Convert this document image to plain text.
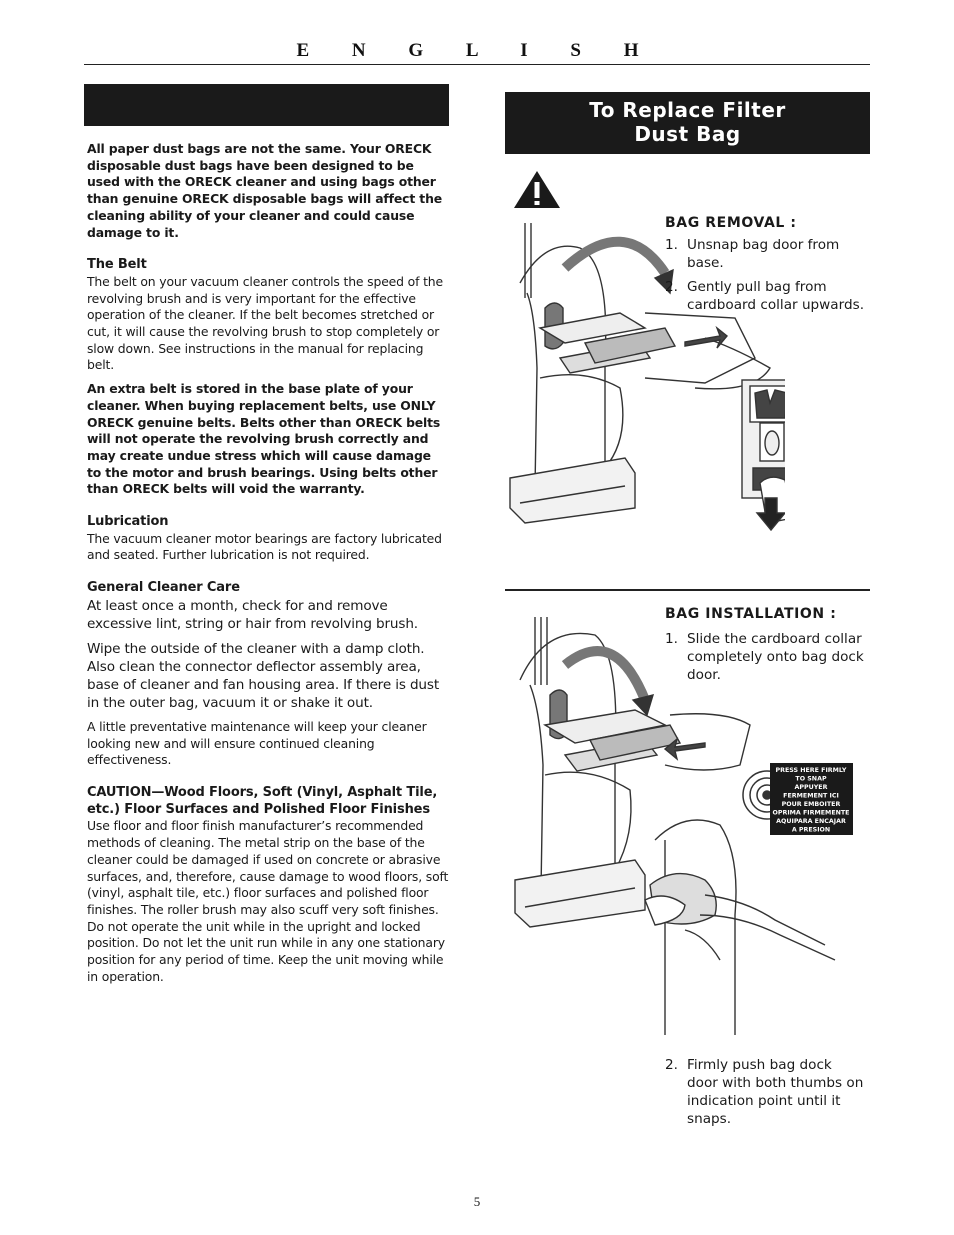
E N G L I S H
To Replace Filter
Dust Bag

All paper dust bags are not the same. Your ORECK disposable dust bags have been designed to be used with the ORECK cleaner and using bags other than genuine ORECK disposable bags will affect the cleaning ability of your cleaner and could cause damage to it.

The Belt

The belt on your vacuum cleaner controls the speed of the revolving brush and is very important for the effective operation of the cleaner. If the belt becomes stretched or cut, it will cause the revolving brush to stop completely or slow down. See instructions in the manual for replacing belt.

An extra belt is stored in the base plate of your cleaner. When buying replacement belts, use ONLY ORECK genuine belts. Belts other than ORECK belts will not operate the revolving brush correctly and may create undue stress which will cause damage to the motor and brush bearings. Using belts other than ORECK belts will void the warranty.

Lubrication

The vacuum cleaner motor bearings are factory lubricated and seated. Further lubrication is not required.

General Cleaner Care

At least once a month, check for and remove excessive lint, string or hair from revolving brush.

Wipe the outside of the cleaner with a damp cloth. Also clean the connector deflector assembly area, base of cleaner and fan housing area. If there is dust in the outer bag, vacuum it or shake it out.

A little preventative maintenance will keep your cleaner looking new and will ensure continued cleaning effectiveness.

CAUTION—Wood Floors, Soft (Vinyl, Asphalt Tile, etc.) Floor Surfaces and Polished Floor Finishes

Use floor and floor finish manufacturer’s recommended methods of cleaning. The metal strip on the base of the cleaner could be damaged if used on concrete or abrasive surfaces, and, therefore, cause damage to wood floors, soft (vinyl, asphalt tile, etc.) floor surfaces and polished floor finishes. The roller brush may also scuff very soft finishes. Do not operate the unit while in the upright and locked position. Do not let the unit run while in any one stationary position for any period of time. Keep the unit moving while in operation.

BAG REMOVAL :
1. Unsnap bag door from base.
2. Gently pull bag from cardboard collar upwards.
BAG INSTALLATION :
1. Slide the cardboard collar completely onto bag dock door.
PRESS HERE FIRMLY
TO SNAP
APPUYER
FERMEMENT ICI
POUR EMBOITER
OPRIMA FIRMEMENTE
AQUIPARA ENCAJAR
A PRESION
2. Firmly push bag dock door with both thumbs on indication point until it snaps.
5
